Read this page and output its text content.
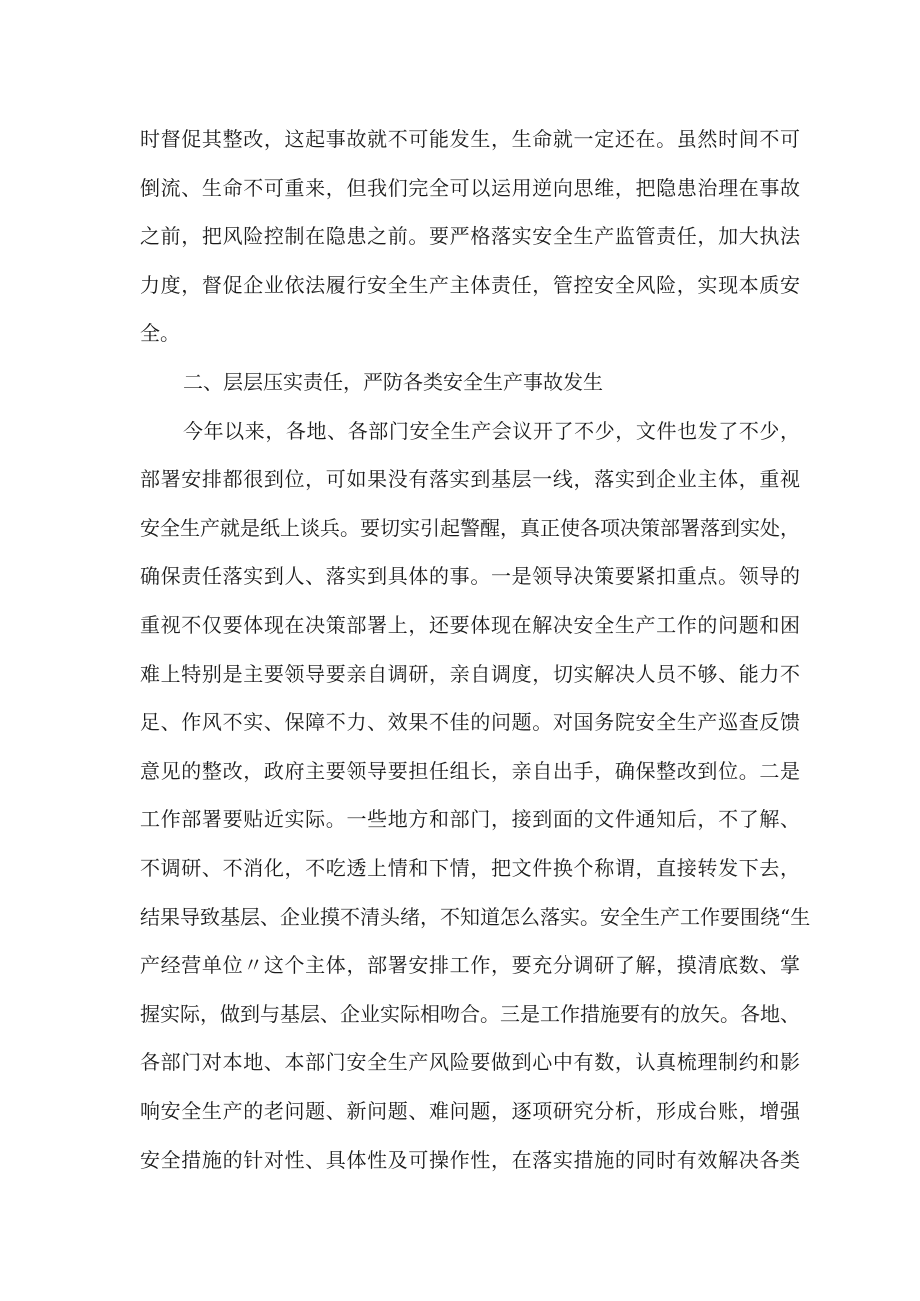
时督促其整改，这起事故就不可能发生，生命就一定还在。虽然时间不可
倒流、生命不可重来，但我们完全可以运用逆向思维，把隐患治理在事故
之前，把风险控制在隐患之前。要严格落实安全生产监管责任，加大执法
力度，督促企业依法履行安全生产主体责任，管控安全风险，实现本质安
全。
二、层层压实责任，严防各类安全生产事故发生
今年以来，各地、各部门安全生产会议开了不少，文件也发了不少，
部署安排都很到位，可如果没有落实到基层一线，落实到企业主体，重视
安全生产就是纸上谈兵。要切实引起警醒，真正使各项决策部署落到实处，
确保责任落实到人、落实到具体的事。一是领导决策要紧扣重点。领导的
重视不仅要体现在决策部署上，还要体现在解决安全生产工作的问题和困
难上特别是主要领导要亲自调研，亲自调度，切实解决人员不够、能力不
足、作风不实、保障不力、效果不佳的问题。对国务院安全生产巡查反馈
意见的整改，政府主要领导要担任组长，亲自出手，确保整改到位。二是
工作部署要贴近实际。一些地方和部门，接到面的文件通知后，不了解、
不调研、不消化，不吃透上情和下情，把文件换个称谓，直接转发下去，
结果导致基层、企业摸不清头绪，不知道怎么落实。安全生产工作要围绕“生
产经营单位〃这个主体，部署安排工作，要充分调研了解，摸清底数、掌
握实际，做到与基层、企业实际相吻合。三是工作措施要有的放矢。各地、
各部门对本地、本部门安全生产风险要做到心中有数，认真梳理制约和影
响安全生产的老问题、新问题、难问题，逐项研究分析，形成台账，增强
安全措施的针对性、具体性及可操作性，在落实措施的同时有效解决各类
